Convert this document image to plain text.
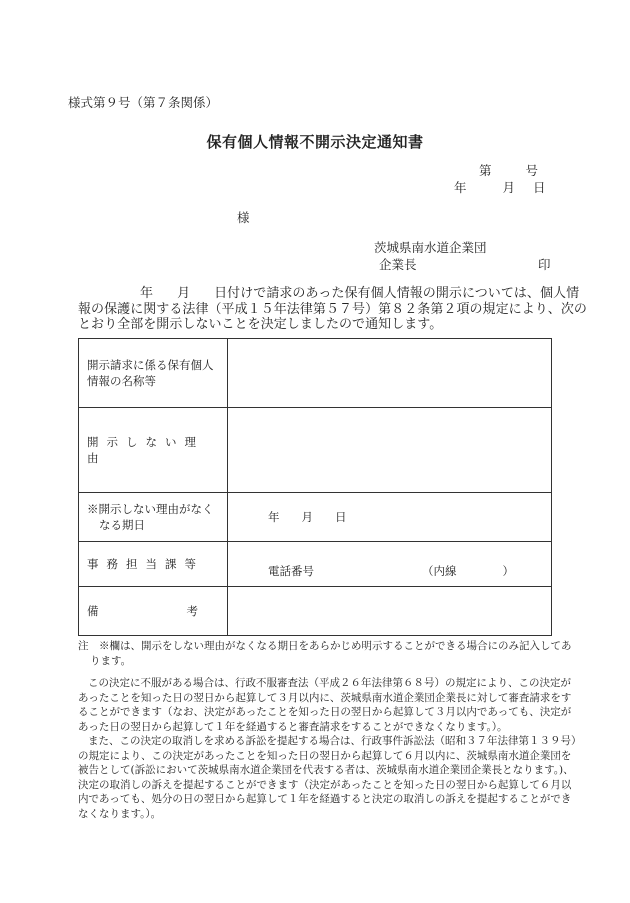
様式第９号（第７条関係）
保有個人情報不開示決定通知書
第	号
年	月 日
様
茨城県南水道企業団
企業長	印
年 月 日付けで請求のあった保有個人情報の開示については、個人情
報の保護に関する法律（平成１５年法律第５７号）第８２条第２項の規定により、次の
とおり全部を開示しないことを決定しましたので通知します。
開示請求に係る保有個人
情報の名称等	
開示しない理由	
※開示しない理由がなく
なる期日	年 月 日
事務担当課等	電話番号 （内線　　　　）
備 考	
注　※欄は、開示をしない理由がなくなる期日をあらかじめ明示することができる場合にのみ記入してあ
ります。
この決定に不服がある場合は、行政不服審査法（平成２６年法律第６８号）の規定により、この決定が
あったことを知った日の翌日から起算して３月以内に、茨城県南水道企業団企業長に対して審査請求をす
ることができます（なお、決定があったことを知った日の翌日から起算して３月以内であっても、決定が
あった日の翌日から起算して１年を経過すると審査請求をすることができなくなります。）。
また、この決定の取消しを求める訴訟を提起する場合は、行政事件訴訟法（昭和３７年法律第１３９号）
の規定により、この決定があったことを知った日の翌日から起算して６月以内に、茨城県南水道企業団を
被告として(訴訟において茨城県南水道企業団を代表する者は、茨城県南水道企業団企業長となります。)、
決定の取消しの訴えを提起することができます（決定があったことを知った日の翌日から起算して６月以
内であっても、処分の日の翌日から起算して１年を経過すると決定の取消しの訴えを提起することができ
なくなります。）。
